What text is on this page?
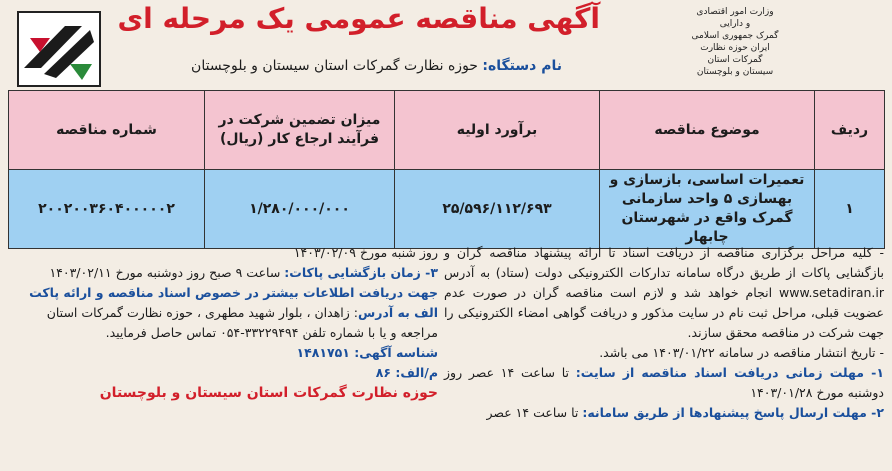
وزارت امور اقتصادی
و دارایی
گمرک جمهوری اسلامی
ایران حوزه نظارت
گمرکات استان
سیستان و بلوچستان
آگهی مناقصه عمومی یک مرحله ای
نام دستگاه: حوزه نظارت گمرکات استان سیستان و بلوچستان
ردیف	موضوع مناقصه	برآورد اولیه	میزان تضمین شرکت در فرآیند ارجاع کار (ریال)	شماره مناقصه
۱	تعمیرات اساسی، بازسازی و بهسازی ۵ واحد سازمانی گمرک واقع در شهرستان چابهار	۲۵/۵۹۶/۱۱۲/۶۹۳	۱/۲۸۰/۰۰۰/۰۰۰	۲۰۰۲۰۰۳۶۰۴۰۰۰۰۰۲
- کلیه مراحل برگزاری مناقصه از دریافت اسناد تا ارائه پیشنهاد مناقصه گران و بازگشایی پاکات از طریق درگاه سامانه تدارکات الکترونیکی دولت (ستاد) به آدرس www.setadiran.ir انجام خواهد شد و لازم است مناقصه گران در صورت عدم عضویت قبلی، مراحل ثبت نام در سایت مذکور و دریافت گواهی امضاء الکترونیکی را جهت شرکت در مناقصه محقق سازند.
- تاریخ انتشار مناقصه در سامانه ۱۴۰۳/۰۱/۲۲ می باشد.
۱- مهلت زمانی دریافت اسناد مناقصه از سایت: تا ساعت ۱۴ عصر روز دوشنبه مورخ ۱۴۰۳/۰۱/۲۸
۲- مهلت ارسال پاسخ پیشنهادها از طریق سامانه: تا ساعت ۱۴ عصر
روز شنبه مورخ ۱۴۰۳/۰۲/۰۹
۳- زمان بازگشایی پاکات: ساعت ۹ صبح روز دوشنبه مورخ ۱۴۰۳/۰۲/۱۱
جهت دریافت اطلاعات بیشتر در خصوص اسناد مناقصه و ارائه پاکت
الف به آدرس: زاهدان ، بلوار شهید مطهری ، حوزه نظارت گمرکات استان
مراجعه و یا با شماره تلفن ۳۳۲۲۹۴۹۴-۰۵۴ تماس حاصل فرمایید.
شناسه آگهی: ۱۴۸۱۷۵۱
م/الف: ۸۶
حوزه نظارت گمرکات استان سیستان و بلوچستان
